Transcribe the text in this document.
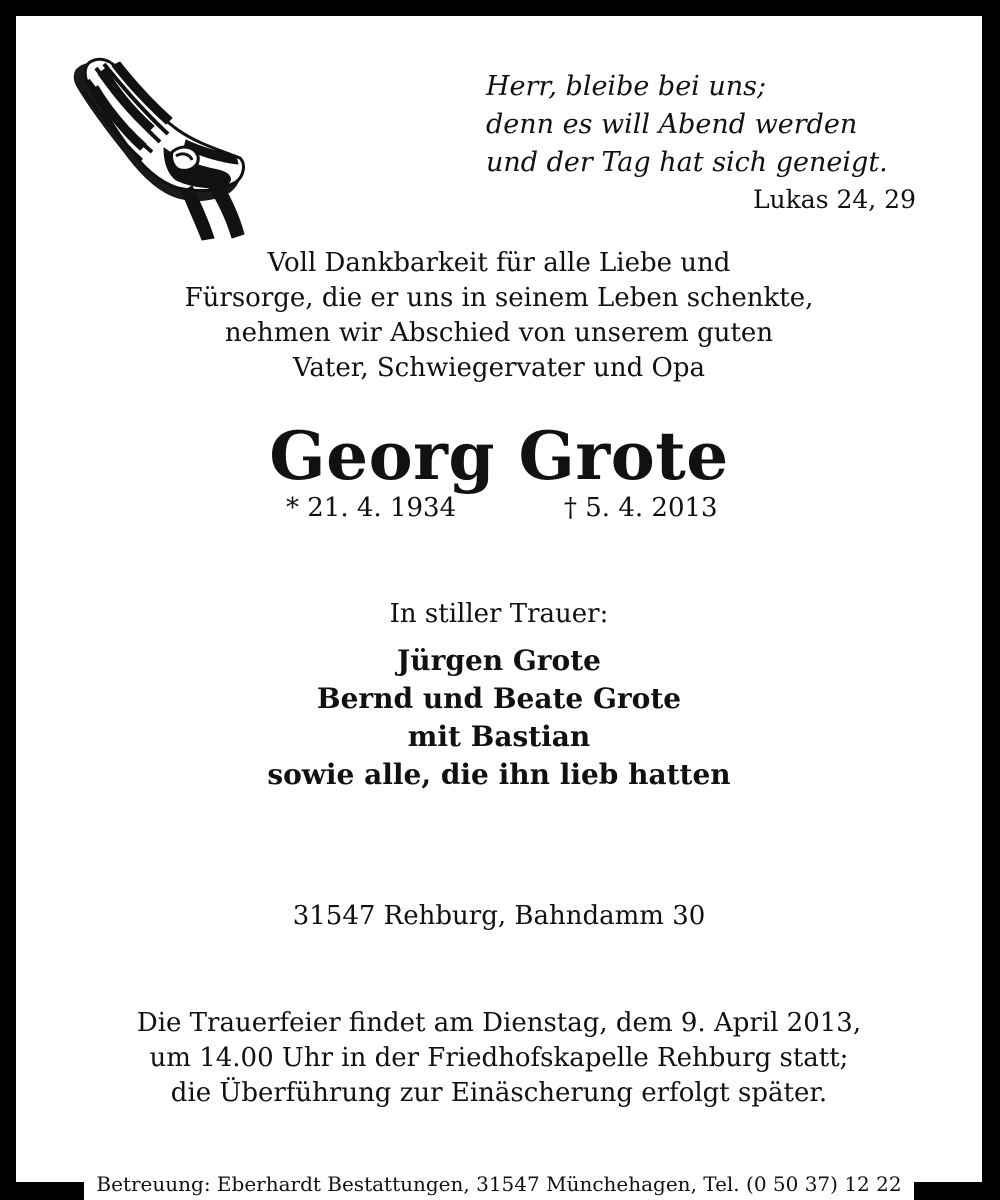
Herr, bleibe bei uns;

denn es will Abend werden

und der Tag hat sich geneigt.

Lukas 24, 29

Voll Dankbarkeit für alle Liebe und

Fürsorge, die er uns in seinem Leben schenkte,

nehmen wir Abschied von unserem guten

Vater, Schwiegervater und Opa

Georg Grote
* 21. 4. 1934	† 5. 4. 2013

In stiller Trauer:

Jürgen Grote

Bernd und Beate Grote

mit Bastian

sowie alle, die ihn lieb hatten

31547 Rehburg, Bahndamm 30

Die Trauerfeier findet am Dienstag, dem 9. April 2013,

um 14.00 Uhr in der Friedhofskapelle Rehburg statt;

die Überführung zur Einäscherung erfolgt später.

Betreuung: Eberhardt Bestattungen, 31547 Münchehagen, Tel. (0 50 37) 12 22
